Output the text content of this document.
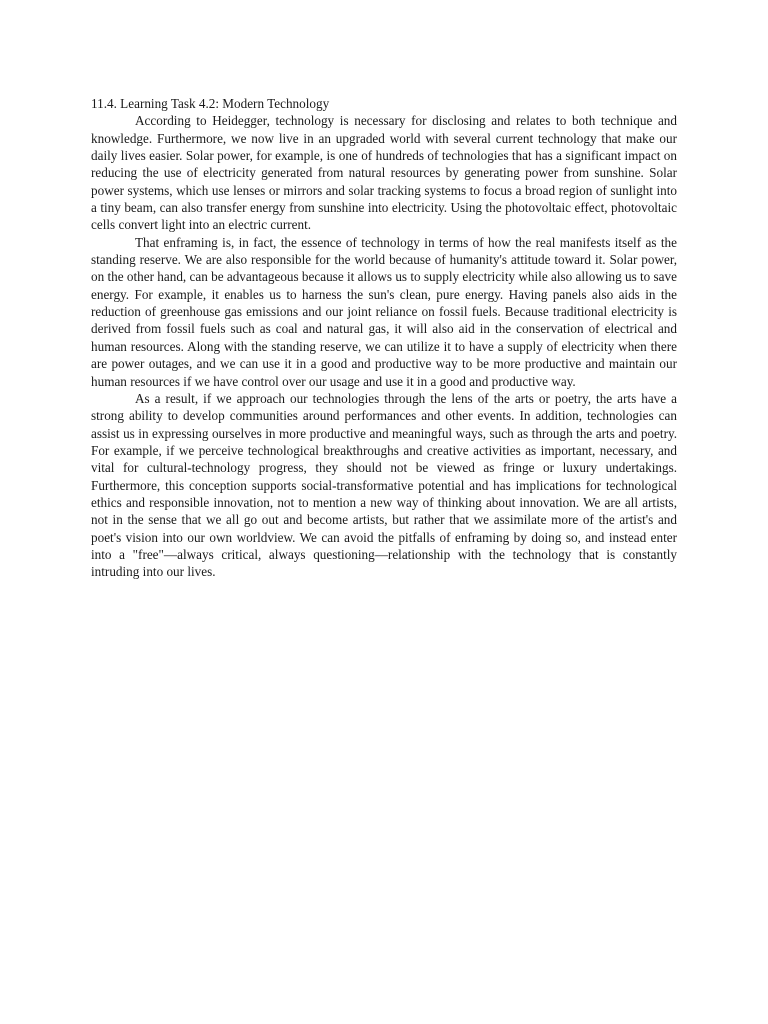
11.4. Learning Task 4.2: Modern Technology

According to Heidegger, technology is necessary for disclosing and relates to both technique and knowledge. Furthermore, we now live in an upgraded world with several current technology that make our daily lives easier. Solar power, for example, is one of hundreds of technologies that has a significant impact on reducing the use of electricity generated from natural resources by generating power from sunshine. Solar power systems, which use lenses or mirrors and solar tracking systems to focus a broad region of sunlight into a tiny beam, can also transfer energy from sunshine into electricity. Using the photovoltaic effect, photovoltaic cells convert light into an electric current.

That enframing is, in fact, the essence of technology in terms of how the real manifests itself as the standing reserve. We are also responsible for the world because of humanity's attitude toward it. Solar power, on the other hand, can be advantageous because it allows us to supply electricity while also allowing us to save energy. For example, it enables us to harness the sun's clean, pure energy. Having panels also aids in the reduction of greenhouse gas emissions and our joint reliance on fossil fuels. Because traditional electricity is derived from fossil fuels such as coal and natural gas, it will also aid in the conservation of electrical and human resources. Along with the standing reserve, we can utilize it to have a supply of electricity when there are power outages, and we can use it in a good and productive way to be more productive and maintain our human resources if we have control over our usage and use it in a good and productive way.

As a result, if we approach our technologies through the lens of the arts or poetry, the arts have a strong ability to develop communities around performances and other events. In addition, technologies can assist us in expressing ourselves in more productive and meaningful ways, such as through the arts and poetry. For example, if we perceive technological breakthroughs and creative activities as important, necessary, and vital for cultural-technology progress, they should not be viewed as fringe or luxury undertakings. Furthermore, this conception supports social-transformative potential and has implications for technological ethics and responsible innovation, not to mention a new way of thinking about innovation. We are all artists, not in the sense that we all go out and become artists, but rather that we assimilate more of the artist's and poet's vision into our own worldview. We can avoid the pitfalls of enframing by doing so, and instead enter into a "free"—always critical, always questioning—relationship with the technology that is constantly intruding into our lives.
